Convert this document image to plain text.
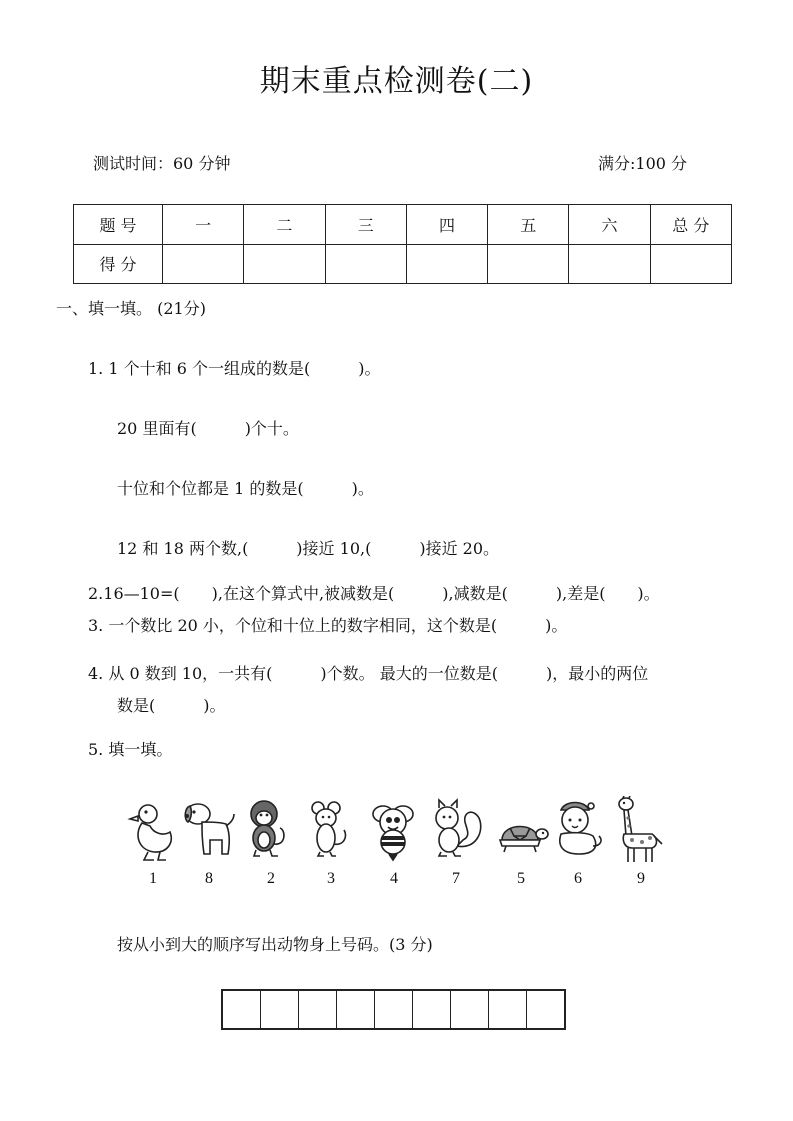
期末重点检测卷(二)
测试时间：60 分钟	满分:100 分
题 号	一	二	三	四	五	六	总 分
得 分							
一、填一填。 (21分)
1. 1 个十和 6 个一组成的数是(　　　)。
20 里面有(　　　)个十。
十位和个位都是 1 的数是(　　　)。
12 和 18 两个数,(　　　)接近 10,(　　　)接近 20。
2.16—10=(　　),在这个算式中,被减数是(　　　),减数是(　　　),差是(　　)。
3. 一个数比 20 小，个位和十位上的数字相同，这个数是(　　　)。
4. 从 0 数到 10，一共有(　　　)个数。 最大的一位数是(　　　)，最小的两位
数是(　　　)。
5. 填一填。
1	8	2	3	4	7	5	6	9
按从小到大的顺序写出动物身上号码。(3 分)
